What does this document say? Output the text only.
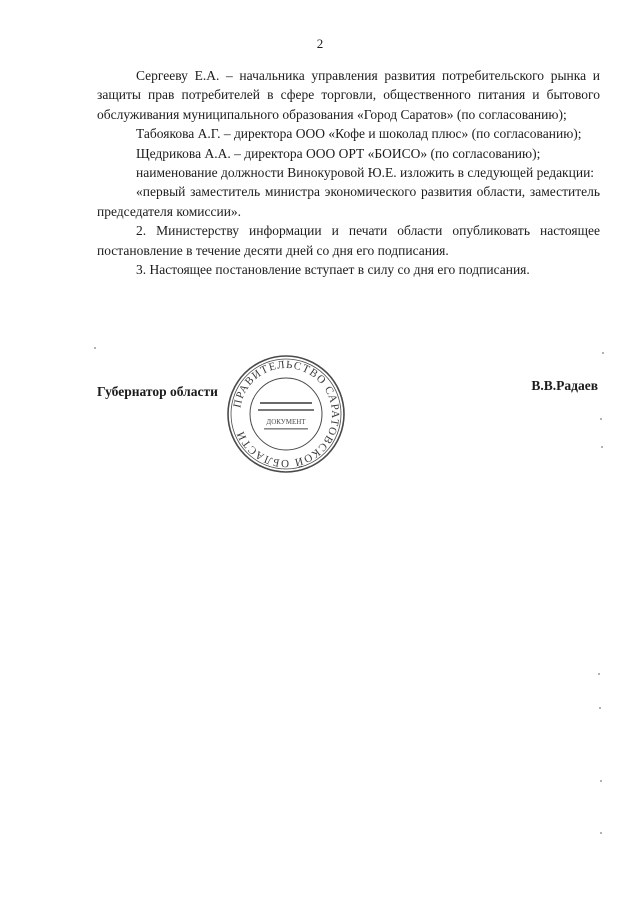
2

Сергееву Е.А. – начальника управления развития потребительского рынка и защиты прав потребителей в сфере торговли, общественного питания и бытового обслуживания муниципального образования «Город Саратов» (по согласованию);

Табоякова А.Г. – директора ООО «Кофе и шоколад плюс» (по согласованию);

Щедрикова А.А. – директора ООО ОРТ «БОИСО» (по согласованию);

наименование должности Винокуровой Ю.Е. изложить в следующей редакции:

«первый заместитель министра экономического развития области, заместитель председателя комиссии».

2. Министерству информации и печати области опубликовать настоящее постановление в течение десяти дней со дня его подписания.

3. Настоящее постановление вступает в силу со дня его подписания.

Губернатор области
ПРАВИТЕЛЬСТВО САРАТОВСКОЙ ОБЛАСТИ
ДОКУМЕНТ
В.В.Радаев
